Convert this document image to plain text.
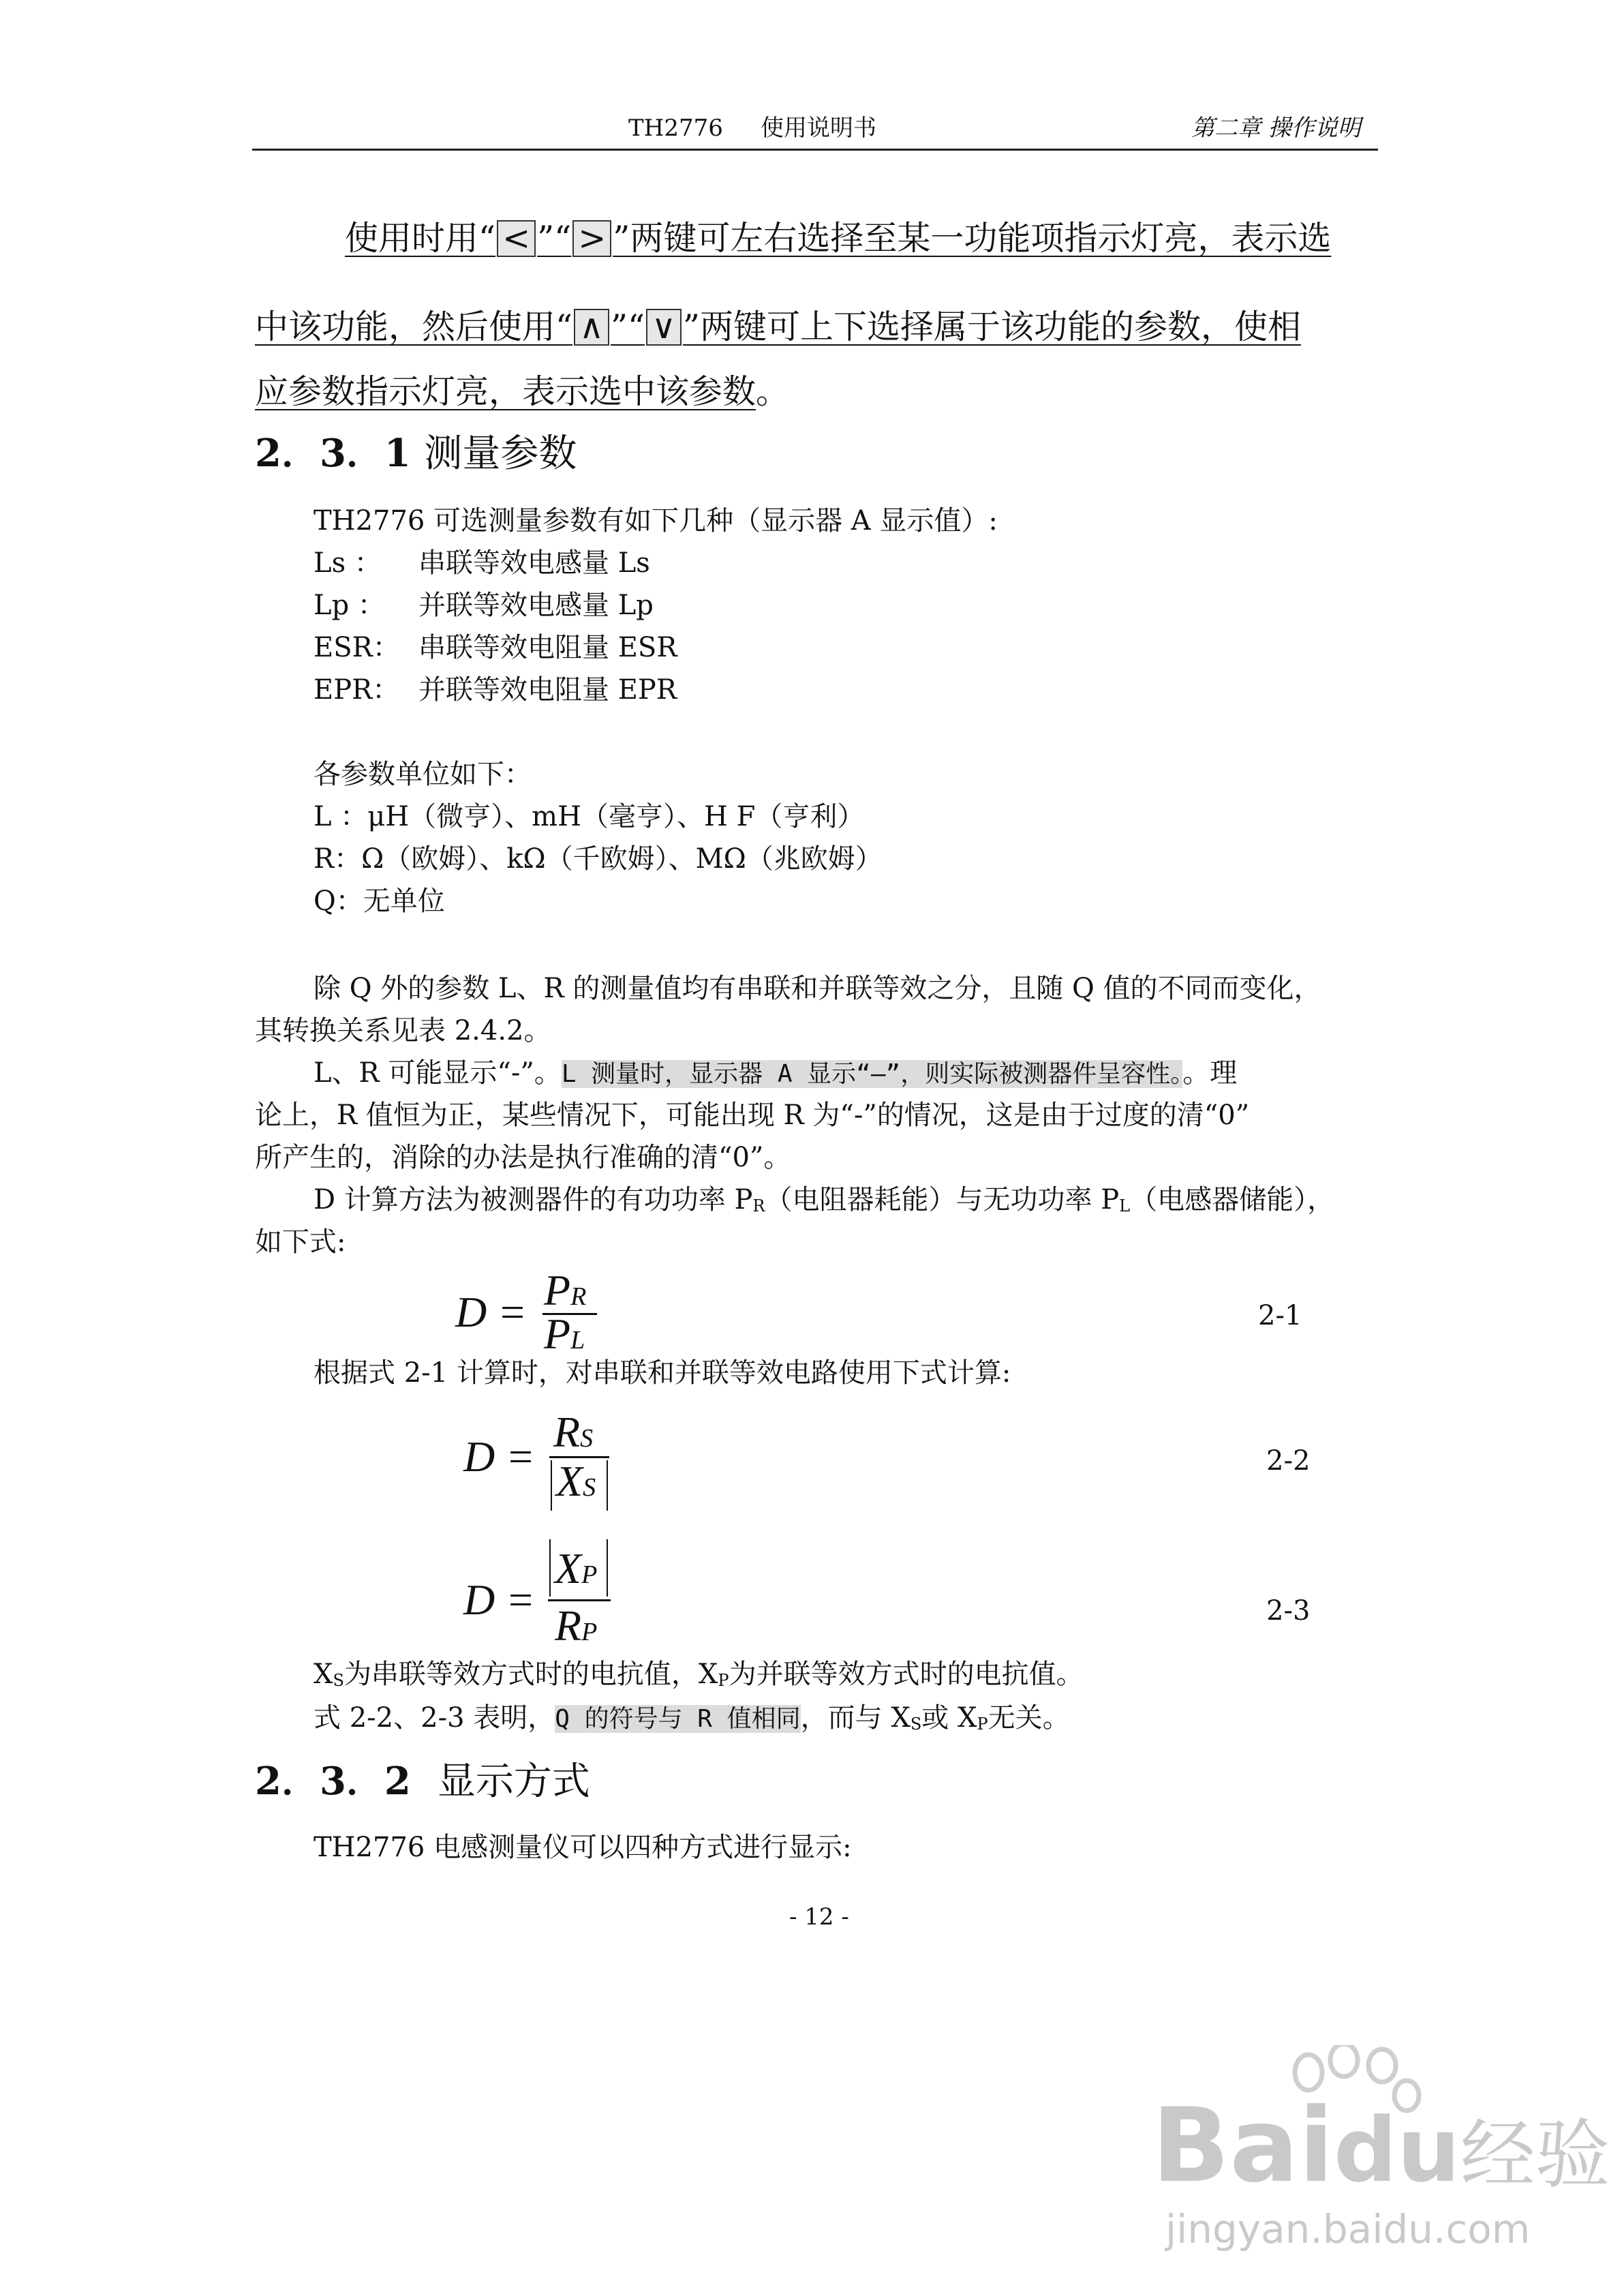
TH2776 使用说明书	第二章 操作说明
使用时用“ < ”“ > ”两键可左右选择至某一功能项指示灯亮，表示选
中该功能，然后使用“ ∧ ”“ ∨ ”两键可上下选择属于该功能的参数，使相
应参数指示灯亮，表示选中该参数。
2．3．1 测量参数
TH2776 可选测量参数有如下几种（显示器 A 显示值）:
Ls ： 串联等效电感量 Ls
Lp ： 并联等效电感量 Lp
ESR： 串联等效电阻量 ESR
EPR： 并联等效电阻量 EPR
各参数单位如下：
L ：μH（微亨）、mH（毫亨）、H F（亨利）
R：Ω（欧姆）、kΩ（千欧姆）、MΩ（兆欧姆）
Q：无单位
除 Q 外的参数 L、R 的测量值均有串联和并联等效之分，且随 Q 值的不同而变化，
其转换关系见表 2.4.2。
L、R 可能显示“-”。L 测量时，显示器 A 显示“–”，则实际被测器件呈容性。。理
论上，R 值恒为正，某些情况下，可能出现 R 为“-”的情况，这是由于过度的清“0”
所产生的，消除的办法是执行准确的清“0”。
D 计算方法为被测器件的有功功率 $P_R$（电阻器耗能）与无功功率 $P_L$（电感器储能），
如下式:
D = PR
PL
2-1
根据式 2-1 计算时，对串联和并联等效电路使用下式计算:
D =
RS
XS
2-2
D =
XP
RP
2-3
$X_S$为串联等效方式时的电抗值，$X_P$为并联等效方式时的电抗值。
式 2-2、2-3 表明，Q 的符号与 R 值相同，而与 $X_S$或 $X_P$无关。
2．3．2 显示方式
TH2776 电感测量仪可以四种方式进行显示:
- 12 -
Baidu经验
jingyan.baidu.com
